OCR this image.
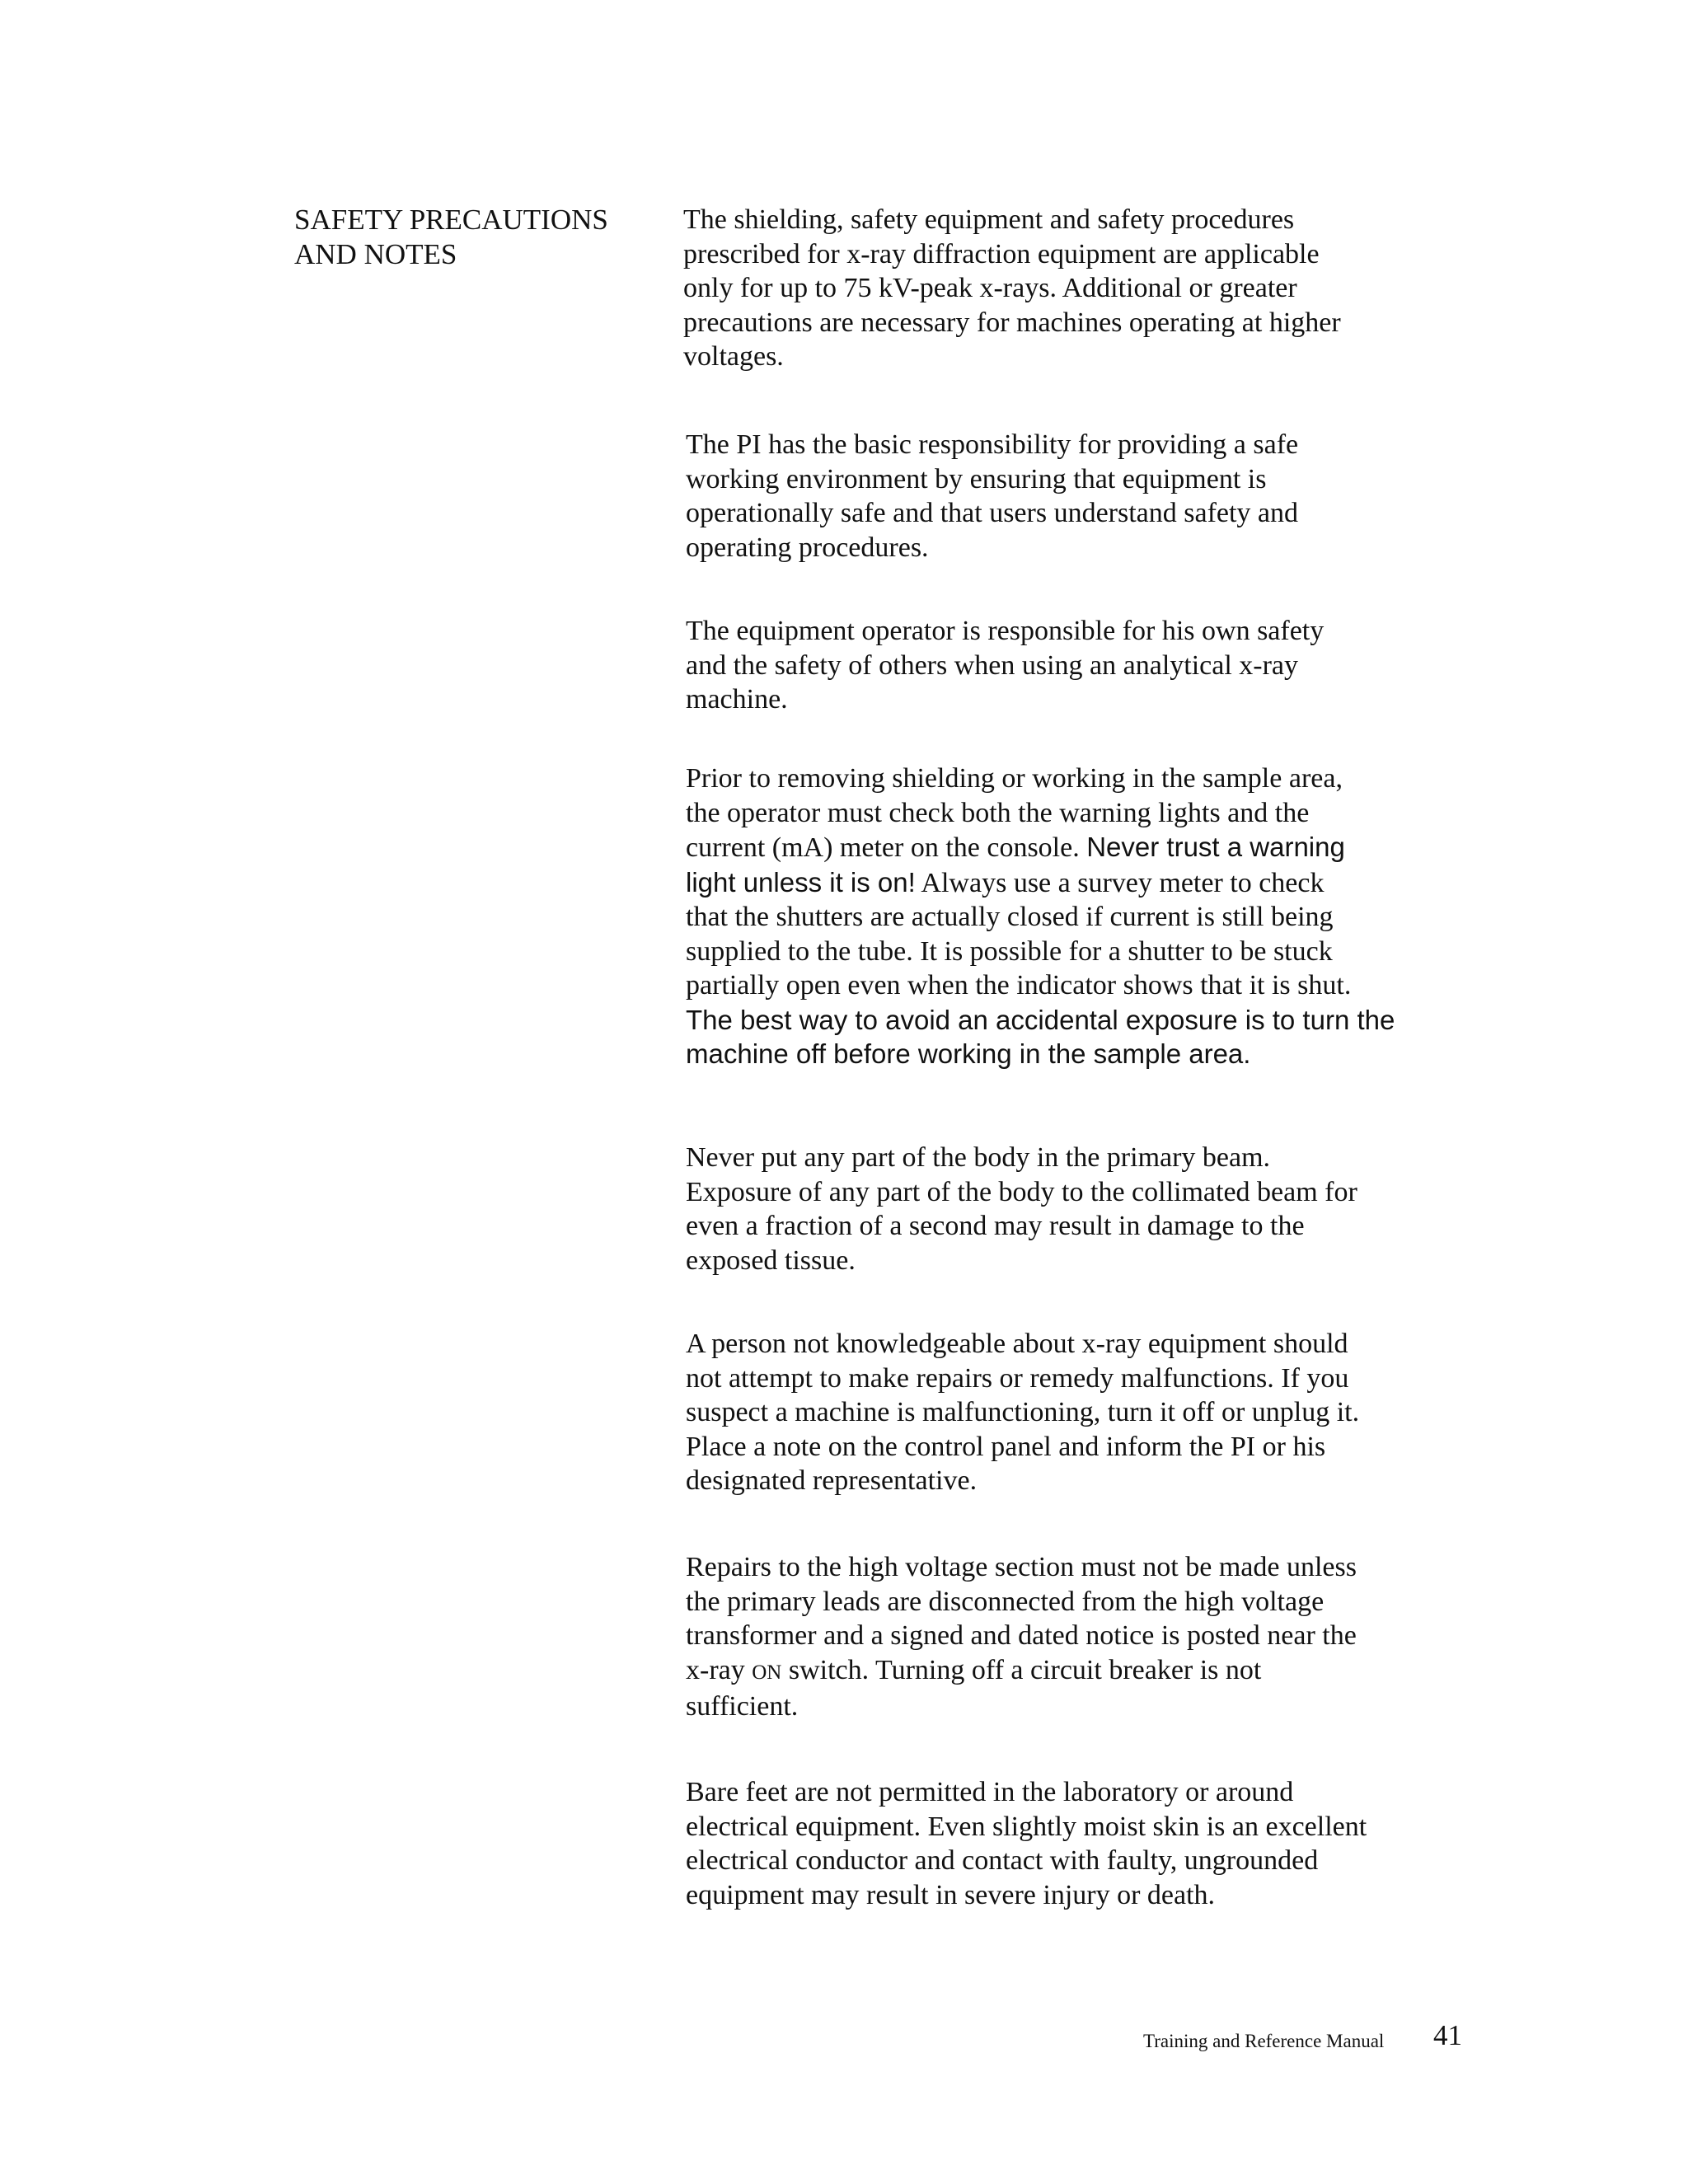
SAFETY PRECAUTIONS
AND NOTES

The shielding, safety equipment and safety procedures
prescribed for x-ray diffraction equipment are applicable
only for up to 75 kV-peak x-rays. Additional or greater
precautions are necessary for machines operating at higher
voltages.

The PI has the basic responsibility for providing a safe
working environment by ensuring that equipment is
operationally safe and that users understand safety and
operating procedures.

The equipment operator is responsible for his own safety
and the safety of others when using an analytical x-ray
machine.

Prior to removing shielding or working in the sample area,
the operator must check both the warning lights and the
current (mA) meter on the console. Never trust a warning
light unless it is on! Always use a survey meter to check
that the shutters are actually closed if current is still being
supplied to the tube. It is possible for a shutter to be stuck
partially open even when the indicator shows that it is shut.
The best way to avoid an accidental exposure is to turn the
machine off before working in the sample area.

Never put any part of the body in the primary beam.
Exposure of any part of the body to the collimated beam for
even a fraction of a second may result in damage to the
exposed tissue.

A person not knowledgeable about x-ray equipment should
not attempt to make repairs or remedy malfunctions. If you
suspect a machine is malfunctioning, turn it off or unplug it.
Place a note on the control panel and inform the PI or his
designated representative.

Repairs to the high voltage section must not be made unless
the primary leads are disconnected from the high voltage
transformer and a signed and dated notice is posted near the
x-ray ON switch. Turning off a circuit breaker is not
sufficient.

Bare feet are not permitted in the laboratory or around
electrical equipment. Even slightly moist skin is an excellent
electrical conductor and contact with faulty, ungrounded
equipment may result in severe injury or death.

Training and Reference Manual 41
